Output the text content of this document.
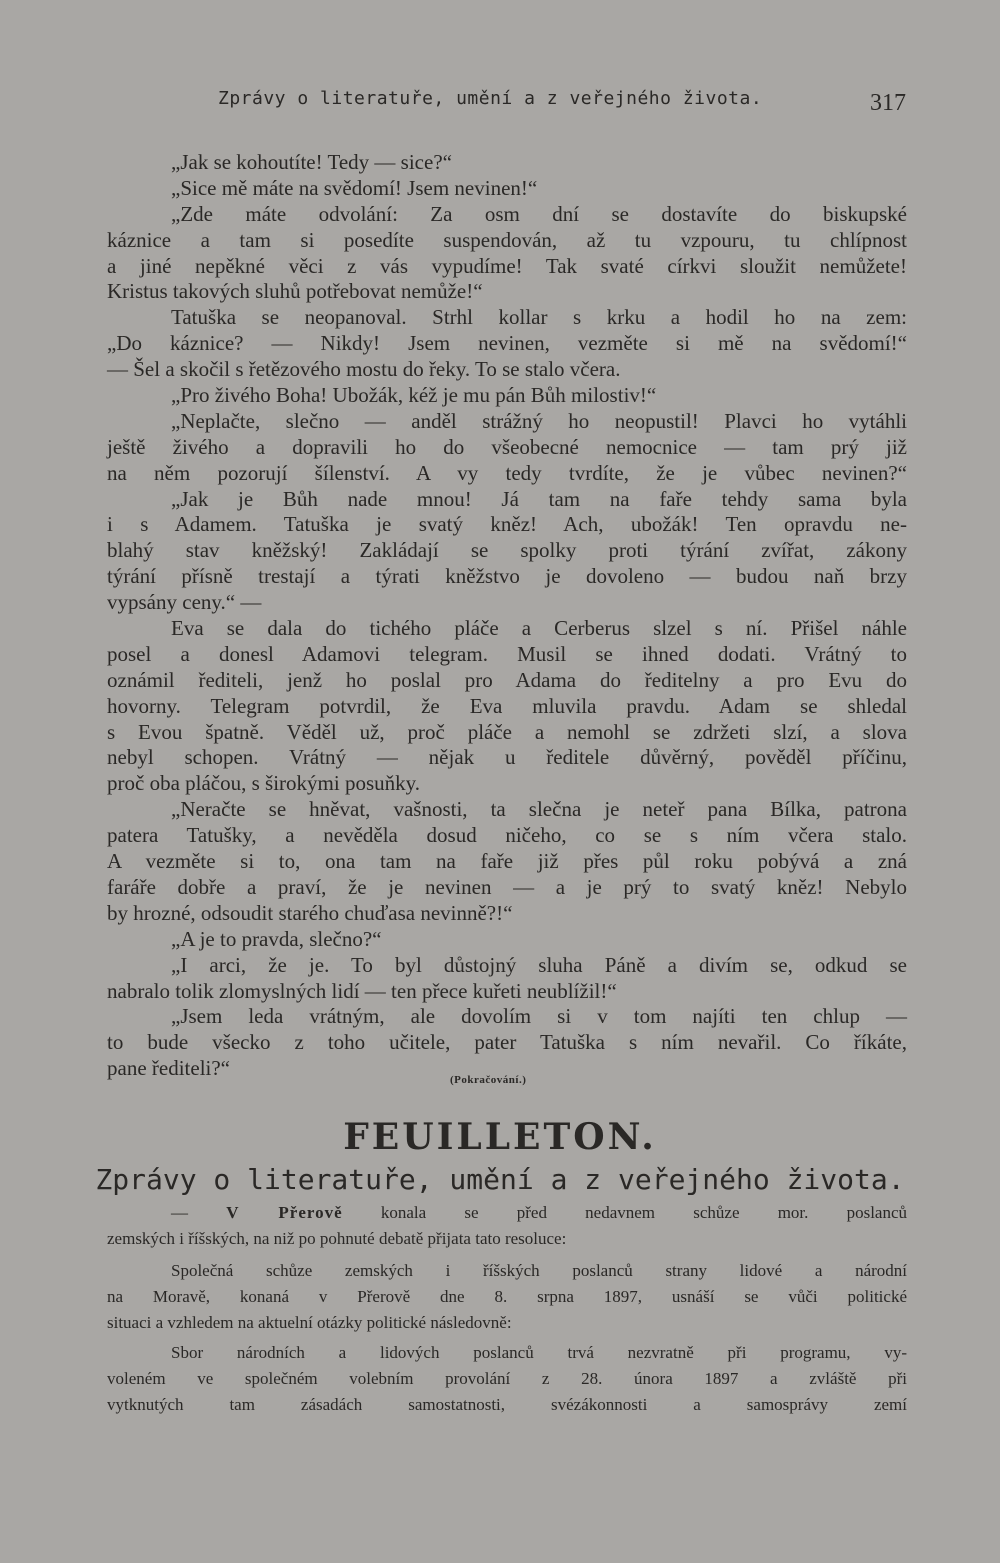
Zprávy o literatuře, umění a z veřejného života.	317
„Jak se kohoutíte! Tedy — sice?“
„Sice mě máte na svědomí! Jsem nevinen!“
„Zde máte odvolání: Za osm dní se dostavíte do biskupské
káznice a tam si posedíte suspendován, až tu vzpouru, tu chlípnost
a jiné nepěkné věci z vás vypudíme! Tak svaté církvi sloužit nemůžete!
Kristus takových sluhů potřebovat nemůže!“
Tatuška se neopanoval. Strhl kollar s krku a hodil ho na zem:
„Do káznice? — Nikdy! Jsem nevinen, vezměte si mě na svědomí!“
— Šel a skočil s řetězového mostu do řeky. To se stalo včera.
„Pro živého Boha! Ubožák, kéž je mu pán Bůh milostiv!“
„Neplačte, slečno — anděl strážný ho neopustil! Plavci ho vytáhli
ještě živého a dopravili ho do všeobecné nemocnice — tam prý již
na něm pozorují šílenství. A vy tedy tvrdíte, že je vůbec nevinen?“
„Jak je Bůh nade mnou! Já tam na faře tehdy sama byla
i s Adamem. Tatuška je svatý kněz! Ach, ubožák! Ten opravdu ne-
blahý stav kněžský! Zakládají se spolky proti týrání zvířat, zákony
týrání přísně trestají a týrati kněžstvo je dovoleno — budou naň brzy
vypsány ceny.“ —
Eva se dala do tichého pláče a Cerberus slzel s ní. Přišel náhle
posel a donesl Adamovi telegram. Musil se ihned dodati. Vrátný to
oznámil řediteli, jenž ho poslal pro Adama do ředitelny a pro Evu do
hovorny. Telegram potvrdil, že Eva mluvila pravdu. Adam se shledal
s Evou špatně. Věděl už, proč pláče a nemohl se zdržeti slzí, a slova
nebyl schopen. Vrátný — nějak u ředitele důvěrný, pověděl příčinu,
proč oba pláčou, s širokými posuňky.
„Neračte se hněvat, vašnosti, ta slečna je neteř pana Bílka, patrona
patera Tatušky, a nevěděla dosud ničeho, co se s ním včera stalo.
A vezměte si to, ona tam na faře již přes půl roku pobývá a zná
faráře dobře a praví, že je nevinen — a je prý to svatý kněz! Nebylo
by hrozné, odsoudit starého chuďasa nevinně?!“
„A je to pravda, slečno?“
„I arci, že je. To byl důstojný sluha Páně a divím se, odkud se
nabralo tolik zlomyslných lidí — ten přece kuřeti neublížil!“
„Jsem leda vrátným, ale dovolím si v tom najíti ten chlup —
to bude všecko z toho učitele, pater Tatuška s ním nevařil. Co říkáte,
pane řediteli?“	(Pokračování.)
FEUILLETON.
Zprávy o literatuře, umění a z veřejného života.
— V Přerově konala se před nedavnem schůze mor. poslanců
zemských i říšských, na niž po pohnuté debatě přijata tato resoluce:
Společná schůze zemských i říšských poslanců strany lidové a národní
na Moravě, konaná v Přerově dne 8. srpna 1897, usnáší se vůči politické
situaci a vzhledem na aktuelní otázky politické následovně:
Sbor národních a lidových poslanců trvá nezvratně při programu, vy-
voleném ve společném volebním provolání z 28. února 1897 a zvláště při
vytknutých tam zásadách samostatnosti, svézákonnosti a samosprávy zemí
